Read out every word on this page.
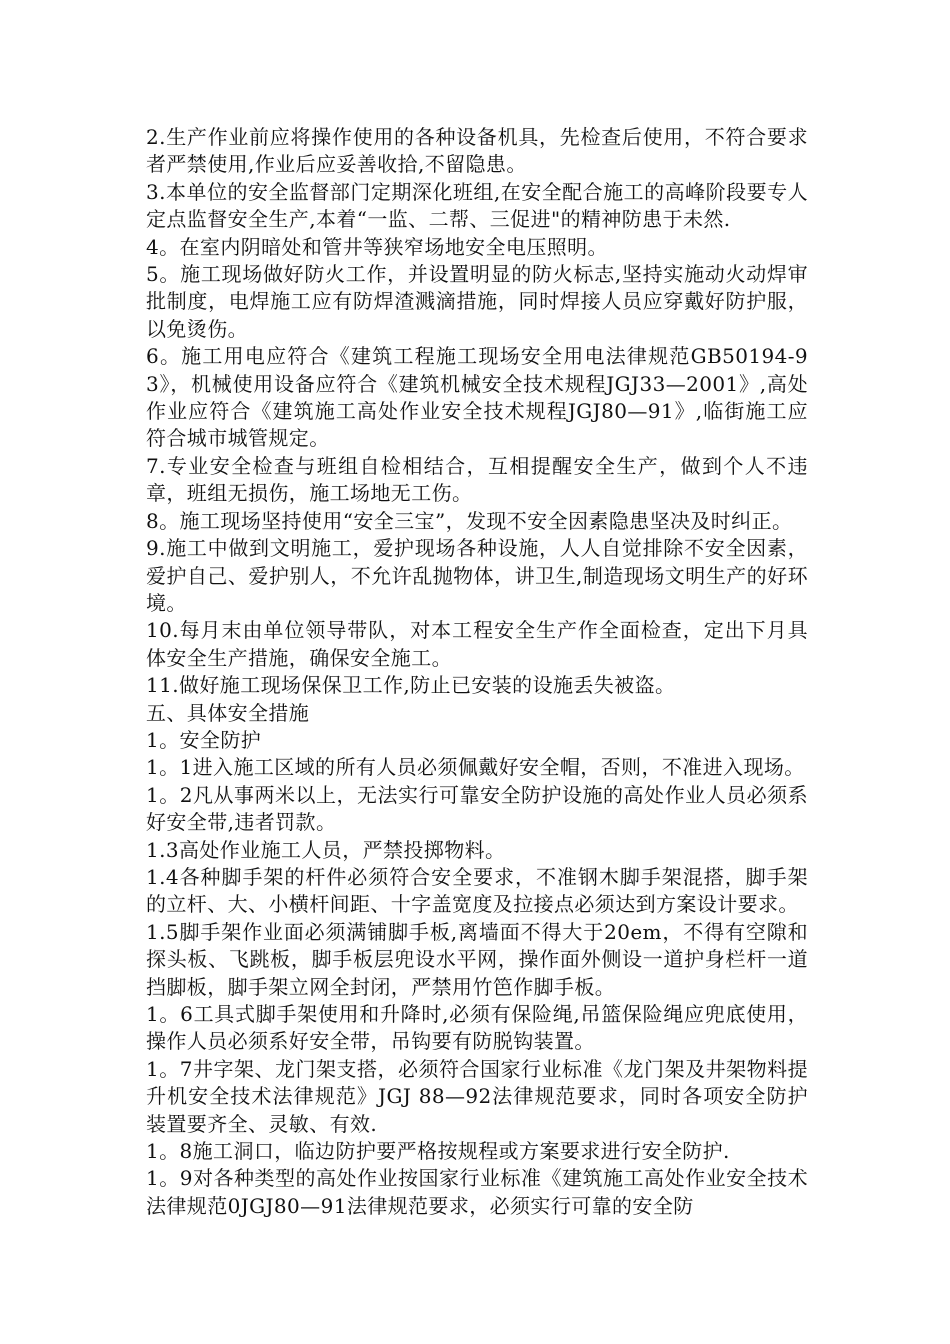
2.生产作业前应将操作使用的各种设备机具，先检查后使用，不符合要求者严禁使用,作业后应妥善收拾,不留隐患。

3.本单位的安全监督部门定期深化班组,在安全配合施工的高峰阶段要专人定点监督安全生产,本着“一监、二帮、三促进"的精神防患于未然.

4。在室内阴暗处和管井等狭窄场地安全电压照明。

5。施工现场做好防火工作，并设置明显的防火标志,坚持实施动火动焊审批制度，电焊施工应有防焊渣溅滴措施，同时焊接人员应穿戴好防护服，以免烫伤。

6。施工用电应符合《建筑工程施工现场安全用电法律规范GB50194-93》，机械使用设备应符合《建筑机械安全技术规程JGJ33—2001》,高处作业应符合《建筑施工高处作业安全技术规程JGJ80—91》,临街施工应符合城市城管规定。

7.专业安全检查与班组自检相结合，互相提醒安全生产，做到个人不违章，班组无损伤，施工场地无工伤。

8。施工现场坚持使用“安全三宝”，发现不安全因素隐患坚决及时纠正。

9.施工中做到文明施工，爱护现场各种设施，人人自觉排除不安全因素，爱护自己、爱护别人，不允许乱抛物体，讲卫生,制造现场文明生产的好环境。

10.每月末由单位领导带队，对本工程安全生产作全面检查，定出下月具体安全生产措施，确保安全施工。

11.做好施工现场保保卫工作,防止已安装的设施丢失被盗。

五、具体安全措施

1。安全防护

1。1进入施工区域的所有人员必须佩戴好安全帽，否则，不准进入现场。

1。2凡从事两米以上，无法实行可靠安全防护设施的高处作业人员必须系好安全带,违者罚款。

1.3高处作业施工人员，严禁投掷物料。

1.4各种脚手架的杆件必须符合安全要求，不准钢木脚手架混搭，脚手架的立杆、大、小横杆间距、十字盖宽度及拉接点必须达到方案设计要求。

1.5脚手架作业面必须满铺脚手板,离墙面不得大于20em，不得有空隙和探头板、飞跳板，脚手板层兜设水平网，操作面外侧设一道护身栏杆一道挡脚板，脚手架立网全封闭，严禁用竹笆作脚手板。

1。6工具式脚手架使用和升降时,必须有保险绳,吊篮保险绳应兜底使用，操作人员必须系好安全带，吊钩要有防脱钩装置。

1。7井字架、龙门架支搭，必须符合国家行业标准《龙门架及井架物料提升机安全技术法律规范》JGJ 88—92法律规范要求，同时各项安全防护装置要齐全、灵敏、有效.

1。8施工洞口，临边防护要严格按规程或方案要求进行安全防护.

1。9对各种类型的高处作业按国家行业标准《建筑施工高处作业安全技术法律规范0JGJ80—91法律规范要求，必须实行可靠的安全防
